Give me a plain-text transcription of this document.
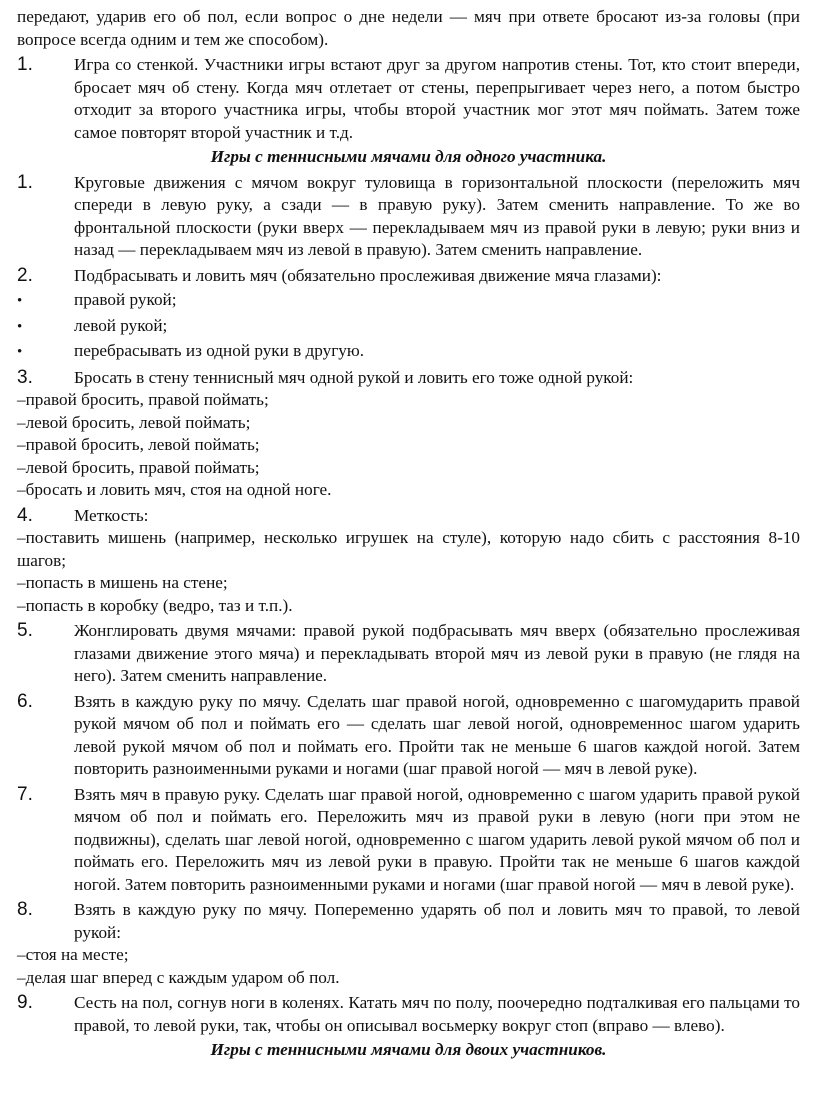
передают, ударив его об пол, если вопрос о дне недели — мяч при ответе бросают из-за головы (при вопросе всегда одним и тем же способом).

1.	Игра со стенкой. Участники игры встают друг за другом напротив стены. Тот, кто стоит впереди, бросает мяч об стену. Когда мяч отлетает от стены, перепрыгивает через него, а потом быстро отходит за второго участника игры, чтобы второй участник мог этот мяч поймать. Затем тоже самое повторят второй участник и т.д.

Игры с теннисными мячами для одного участника.

1.	Круговые движения с мячом вокруг туловища в горизонтальной плоскости (переложить мяч спереди в левую руку, а сзади — в правую руку). Затем сменить направление. То же во фронтальной плоскости (руки вверх — перекладываем мяч из правой руки в левую; руки вниз и назад — перекладываем мяч из левой в правую). Затем сменить направление.
2.	Подбрасывать и ловить мяч (обязательно прослеживая движение мяча глазами):
•	правой рукой;
•	левой рукой;
•	перебрасывать из одной руки в другую.
3.	Бросать в стену теннисный мяч одной рукой и ловить его тоже одной рукой:

–правой бросить, правой поймать;

–левой бросить, левой поймать;

–правой бросить, левой поймать;

–левой бросить, правой поймать;

–бросать и ловить мяч, стоя на одной ноге.

4.	Меткость:

–поставить мишень (например, несколько игрушек на стуле), которую надо сбить с расстояния 8-10 шагов;

–попасть в мишень на стене;

–попасть в коробку (ведро, таз и т.п.).

5.	Жонглировать двумя мячами: правой рукой подбрасывать мяч вверх (обязательно прослеживая глазами движение этого мяча) и перекладывать второй мяч из левой руки в правую (не глядя на него). Затем сменить направление.
6.	Взять в каждую руку по мячу. Сделать шаг правой ногой, одновременно с шагомударить правой рукой мячом об пол и поймать его — сделать шаг левой ногой, одновременнос шагом ударить левой рукой мячом об пол и поймать его. Пройти так не меньше 6 шагов каждой ногой. Затем повторить разноименными руками и ногами (шаг правой ногой — мяч в левой руке).
7.	Взять мяч в правую руку. Сделать шаг правой ногой, одновременно с шагом ударить правой рукой мячом об пол и поймать его. Переложить мяч из правой руки в левую (ноги при этом не подвижны), сделать шаг левой ногой, одновременно с шагом ударить левой рукой мячом об пол и поймать его. Переложить мяч из левой руки в правую. Пройти так не меньше 6 шагов каждой ногой. Затем повторить разноименными руками и ногами (шаг правой ногой — мяч в левой руке).
8.	Взять в каждую руку по мячу. Попеременно ударять об пол и ловить мяч то правой, то левой рукой:

–стоя на месте;

–делая шаг вперед с каждым ударом об пол.

9.	Сесть на пол, согнув ноги в коленях. Катать мяч по полу, поочередно подталкивая его пальцами то правой, то левой руки, так, чтобы он описывал восьмерку вокруг стоп (вправо — влево).

Игры с теннисными мячами для двоих участников.
